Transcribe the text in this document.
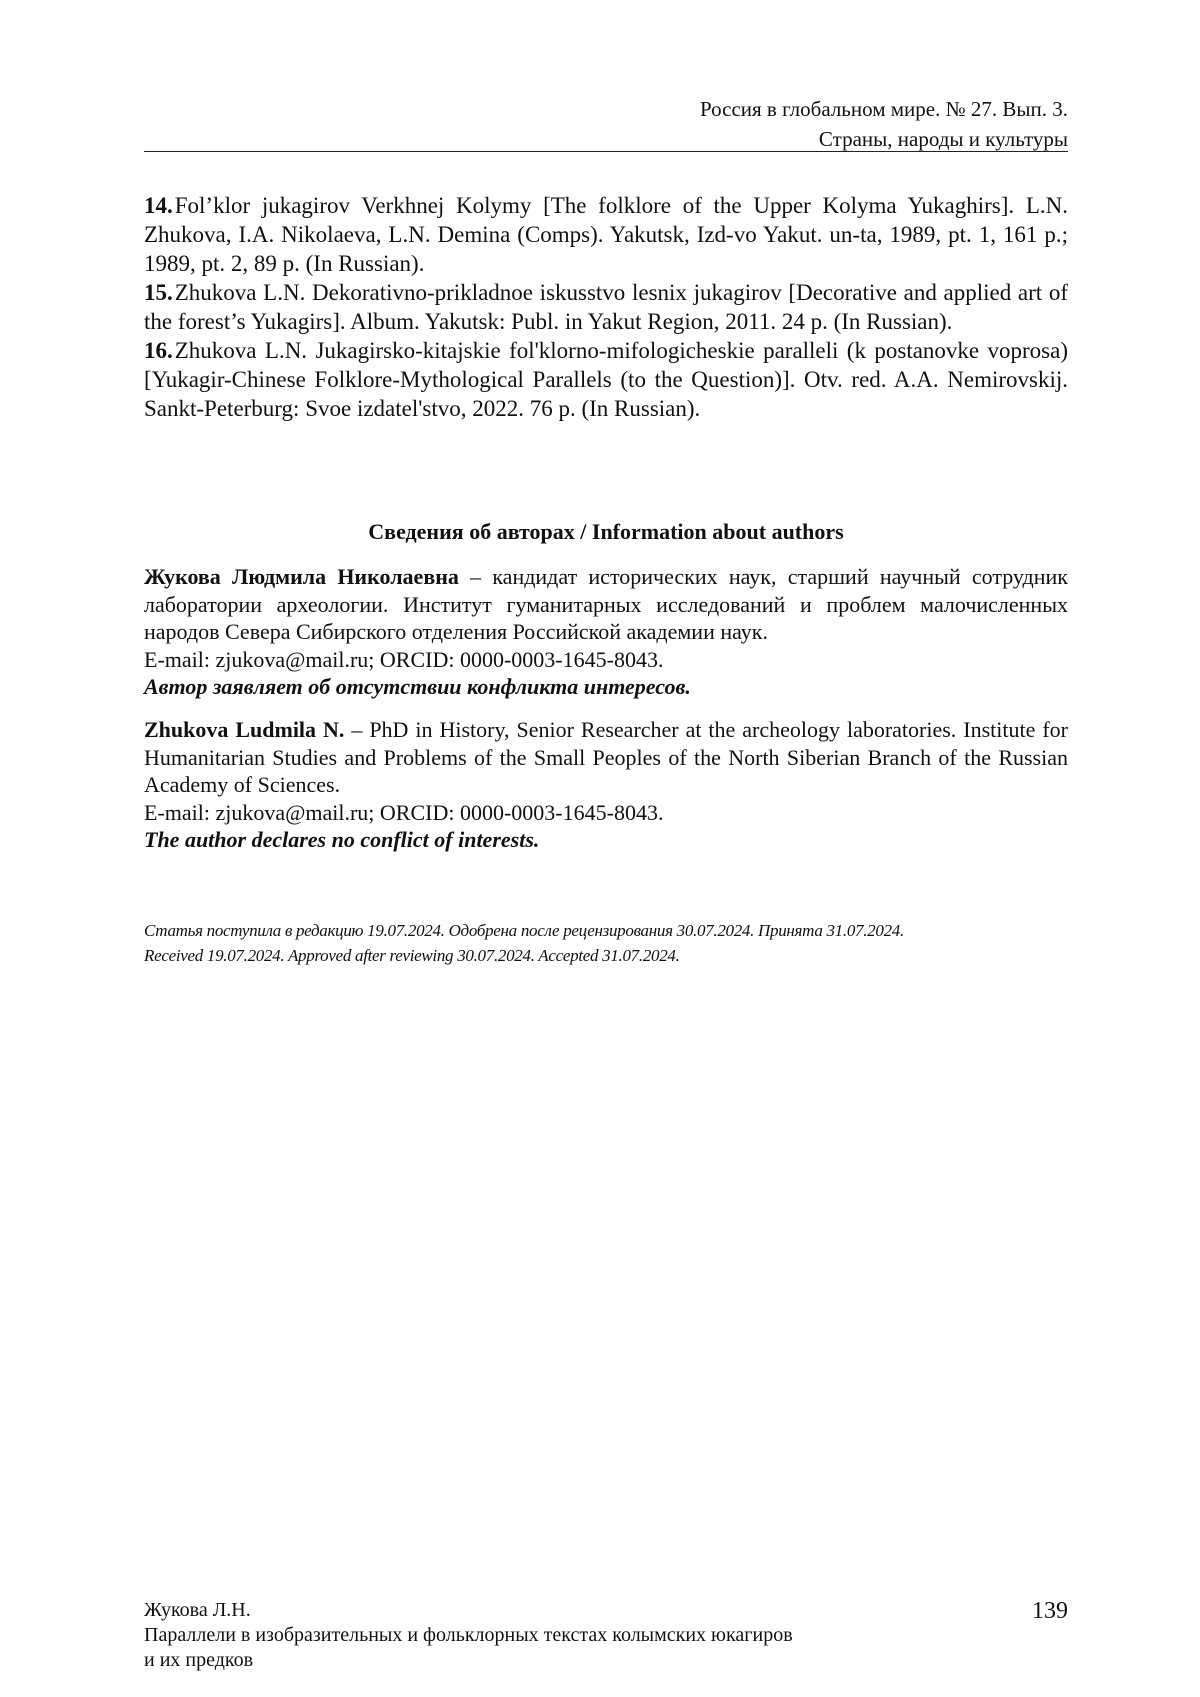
Россия в глобальном мире. № 27. Вып. 3.
Страны, народы и культуры

14.Fol’klor jukagirov Verkhnej Kolymy [The folklore of the Upper Kolyma Yukaghirs]. L.N. Zhukova, I.A. Nikolaeva, L.N. Demina (Comps). Yakutsk, Izd-vo Yakut. un-ta, 1989, pt. 1, 161 p.; 1989, pt. 2, 89 p. (In Russian).

15.Zhukova L.N. Dekorativno-prikladnoe iskusstvo lesnix jukagirov [Decorative and applied art of the forest’s Yukagirs]. Album. Yakutsk: Publ. in Yakut Region, 2011. 24 p. (In Russian).

16.Zhukova L.N. Jukagirsko-kitajskie fol'klorno-mifologicheskie paralleli (k postanovke voprosa) [Yukagir-Chinese Folklore-Mythological Parallels (to the Question)]. Otv. red. A.A. Nemirovskij. Sankt-Peterburg: Svoe izdatel'stvo, 2022. 76 p. (In Russian).

Сведения об авторах / Information about authors

Жукова Людмила Николаевна – кандидат исторических наук, старший научный сотрудник лаборатории археологии. Институт гуманитарных исследований и проблем малочисленных народов Севера Сибирского отделения Российской академии наук.

E-mail: zjukova@mail.ru; ORCID: 0000-0003-1645-8043.

Автор заявляет об отсутствии конфликта интересов.

Zhukova Ludmila N. – PhD in History, Senior Researcher at the archeology laboratories. Institute for Humanitarian Studies and Problems of the Small Peoples of the North Siberian Branch of the Russian Academy of Sciences.

E-mail: zjukova@mail.ru; ORCID: 0000-0003-1645-8043.

The author declares no conflict of interests.

Статья поступила в редакцию 19.07.2024. Одобрена после рецензирования 30.07.2024. Принята 31.07.2024.

Received 19.07.2024. Approved after reviewing 30.07.2024. Accepted 31.07.2024.

Жукова Л.Н.

Параллели в изобразительных и фольклорных текстах колымских юкагиров

и их предков

139
